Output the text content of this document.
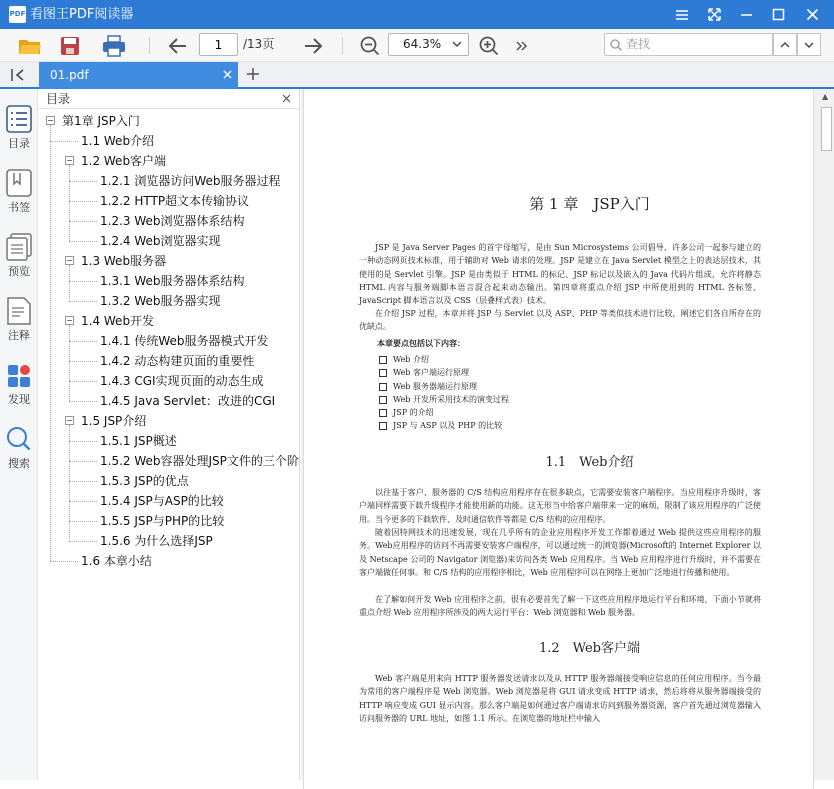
PDF 看图王PDF阅读器
1
/13页	64.3%	查找
01.pdf
目录
书签
预览
注释
发现
搜索
目录
第1章 JSP入门
−
1.1 Web介绍
1.2 Web客户端
−
1.2.1 浏览器访问Web服务器过程
1.2.2 HTTP超文本传输协议
1.2.3 Web浏览器体系结构
1.2.4 Web浏览器实现
1.3 Web服务器
−
1.3.1 Web服务器体系结构
1.3.2 Web服务器实现
1.4 Web开发
−
1.4.1 传统Web服务器模式开发
1.4.2 动态构建页面的重要性
1.4.3 CGI实现页面的动态生成
1.4.5 Java Servlet：改进的CGI
1.5 JSP介绍
−
1.5.1 JSP概述
1.5.2 Web容器处理JSP文件的三个阶
1.5.3 JSP的优点
1.5.4 JSP与ASP的比较
1.5.5 JSP与PHP的比较
1.5.6 为什么选择JSP
1.6 本章小结
第 1 章　JSP入门
JSP 是 Java Server Pages 的首字母缩写，是由 Sun Microsystems 公司倡导、许多公司一起参与建立的一种动态网页技术标准，用于辅助对 Web 请求的处理。JSP 是建立在 Java Servlet 模型之上的表达层技术，其使用的是 Servlet 引擎。JSP 是由类似于 HTML 的标记、JSP 标记以及嵌入的 Java 代码片组成，允许将静态 HTML 内容与服务端脚本语言混合起来动态输出。第四章将重点介绍 JSP 中所使用到的 HTML 各标签、JavaScript 脚本语言以及 CSS（层叠样式表）技术。
在介绍 JSP 过程，本章并将 JSP 与 Servlet 以及 ASP、PHP 等类似技术进行比较，阐述它们各自所存在的优缺点。
本章要点包括以下内容：
Web 介绍
Web 客户端运行原理
Web 服务器端运行原理
Web 开发所采用技术的演变过程
JSP 的介绍
JSP 与 ASP 以及 PHP 的比较
1.1　Web介绍
以往基于客户、服务器的 C/S 结构应用程序存在很多缺点，它需要安装客户端程序。当应用程序升级时，客户端同样需要下载升级程序才能使用新的功能。这无形当中给客户端带来一定的麻烦，限制了该应用程序的广泛使用。当今更多的下载软件、及时通信软件等都是 C/S 结构的应用程序。
随着因特网技术的迅速发展，现在几乎所有的企业应用程序开发工作都着通过 Web 提供这些应用程序的服务。Web应用程序的访问不再需要安装客户端程序，可以通过统一的浏览器(Microsoft的 Internet Explorer 以及 Netscape 公司的 Navigator 浏览器)来访问各类 Web 应用程序。当 Web 应用程序进行升级时，并不需要在客户端做任何事。和 C/S 结构的应用程序相比，Web 应用程序可以在网络上更加广泛地进行传播和使用。
在了解如何开发 Web 应用程序之前，很有必要首先了解一下这些应用程序地运行平台和环境，下面小节就将重点介绍 Web 应用程序所涉及的两大运行平台：Web 浏览器和 Web 服务器。
1.2　Web客户端
Web 客户端是用来向 HTTP 服务器发送请求以及从 HTTP 服务器端接受响应信息的任何应用程序。当今最为常用的客户端程序是 Web 浏览器。Web 浏览器是将 GUI 请求变成 HTTP 请求，然后将将从服务器端接受的 HTTP 响应变成 GUI 显示内容。那么客户端是如何通过客户端请求访问到服务器资源，客户首先通过浏览器输入访问服务器的 URL 地址，如图 1.1 所示。在浏览器的地址栏中输入
▲
